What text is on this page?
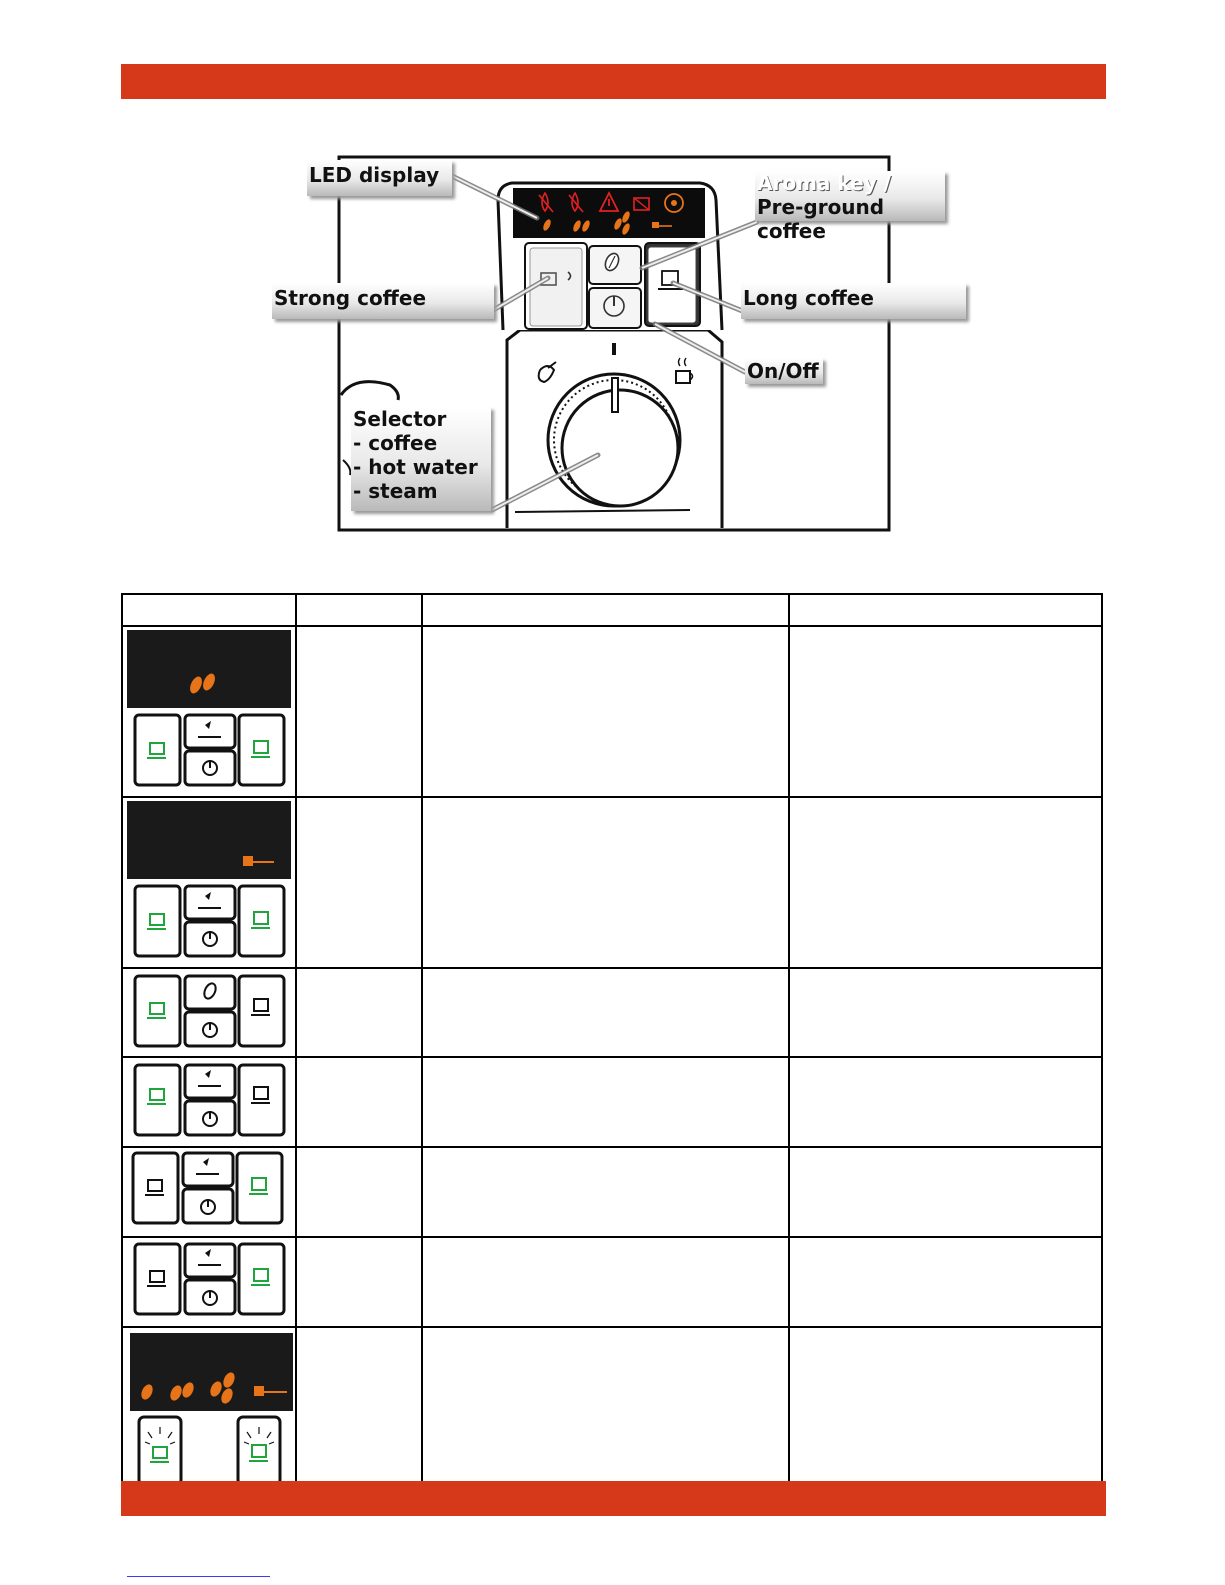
LED display	Aroma key /
Pre-ground coffee
Strong coffee	Long coffee
On/Off
Selector
- coffee
- hot water
- steam
